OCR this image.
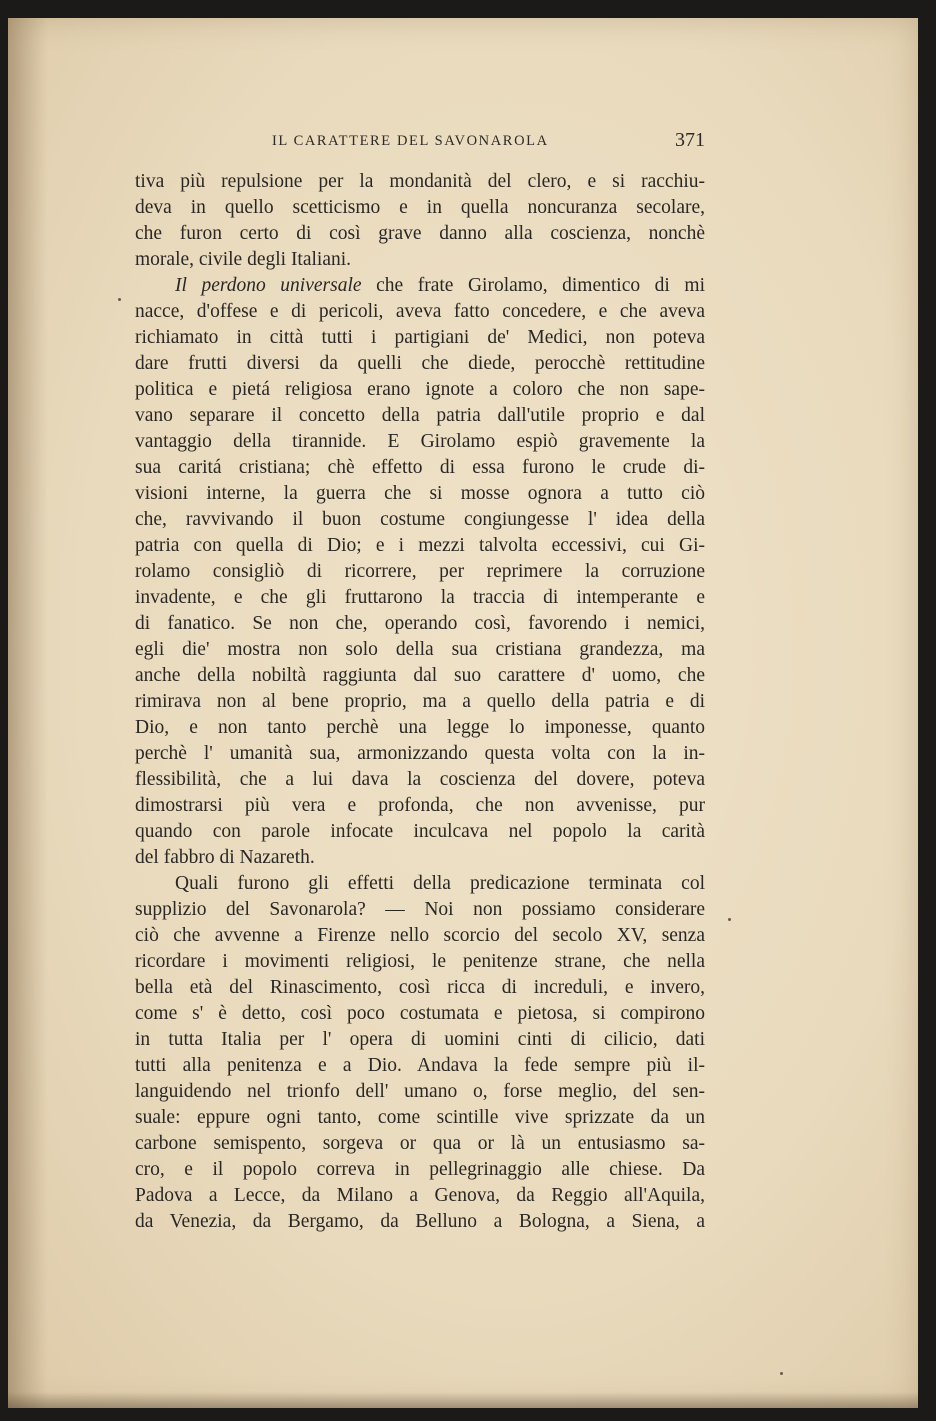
IL CARATTERE DEL SAVONAROLA	371
tiva più repulsione per la mondanità del clero, e si racchiu-
deva in quello scetticismo e in quella noncuranza secolare,
che furon certo di così grave danno alla coscienza, nonchè
morale, civile degli Italiani.
Il perdono universale che frate Girolamo, dimentico di mi
nacce, d'offese e di pericoli, aveva fatto concedere, e che aveva
richiamato in città tutti i partigiani de' Medici, non poteva
dare frutti diversi da quelli che diede, perocchè rettitudine
politica e pietá religiosa erano ignote a coloro che non sape-
vano separare il concetto della patria dall'utile proprio e dal
vantaggio della tirannide. E Girolamo espiò gravemente la
sua caritá cristiana; chè effetto di essa furono le crude di-
visioni interne, la guerra che si mosse ognora a tutto ciò
che, ravvivando il buon costume congiungesse l' idea della
patria con quella di Dio; e i mezzi talvolta eccessivi, cui Gi-
rolamo consigliò di ricorrere, per reprimere la corruzione
invadente, e che gli fruttarono la traccia di intemperante e
di fanatico. Se non che, operando così, favorendo i nemici,
egli die' mostra non solo della sua cristiana grandezza, ma
anche della nobiltà raggiunta dal suo carattere d' uomo, che
rimirava non al bene proprio, ma a quello della patria e di
Dio, e non tanto perchè una legge lo imponesse, quanto
perchè l' umanità sua, armonizzando questa volta con la in-
flessibilità, che a lui dava la coscienza del dovere, poteva
dimostrarsi più vera e profonda, che non avvenisse, pur
quando con parole infocate inculcava nel popolo la carità
del fabbro di Nazareth.
Quali furono gli effetti della predicazione terminata col
supplizio del Savonarola? — Noi non possiamo considerare
ciò che avvenne a Firenze nello scorcio del secolo XV, senza
ricordare i movimenti religiosi, le penitenze strane, che nella
bella età del Rinascimento, così ricca di increduli, e invero,
come s' è detto, così poco costumata e pietosa, si compirono
in tutta Italia per l' opera di uomini cinti di cilicio, dati
tutti alla penitenza e a Dio. Andava la fede sempre più il-
languidendo nel trionfo dell' umano o, forse meglio, del sen-
suale: eppure ogni tanto, come scintille vive sprizzate da un
carbone semispento, sorgeva or qua or là un entusiasmo sa-
cro, e il popolo correva in pellegrinaggio alle chiese. Da
Padova a Lecce, da Milano a Genova, da Reggio all'Aquila,
da Venezia, da Bergamo, da Belluno a Bologna, a Siena, a
